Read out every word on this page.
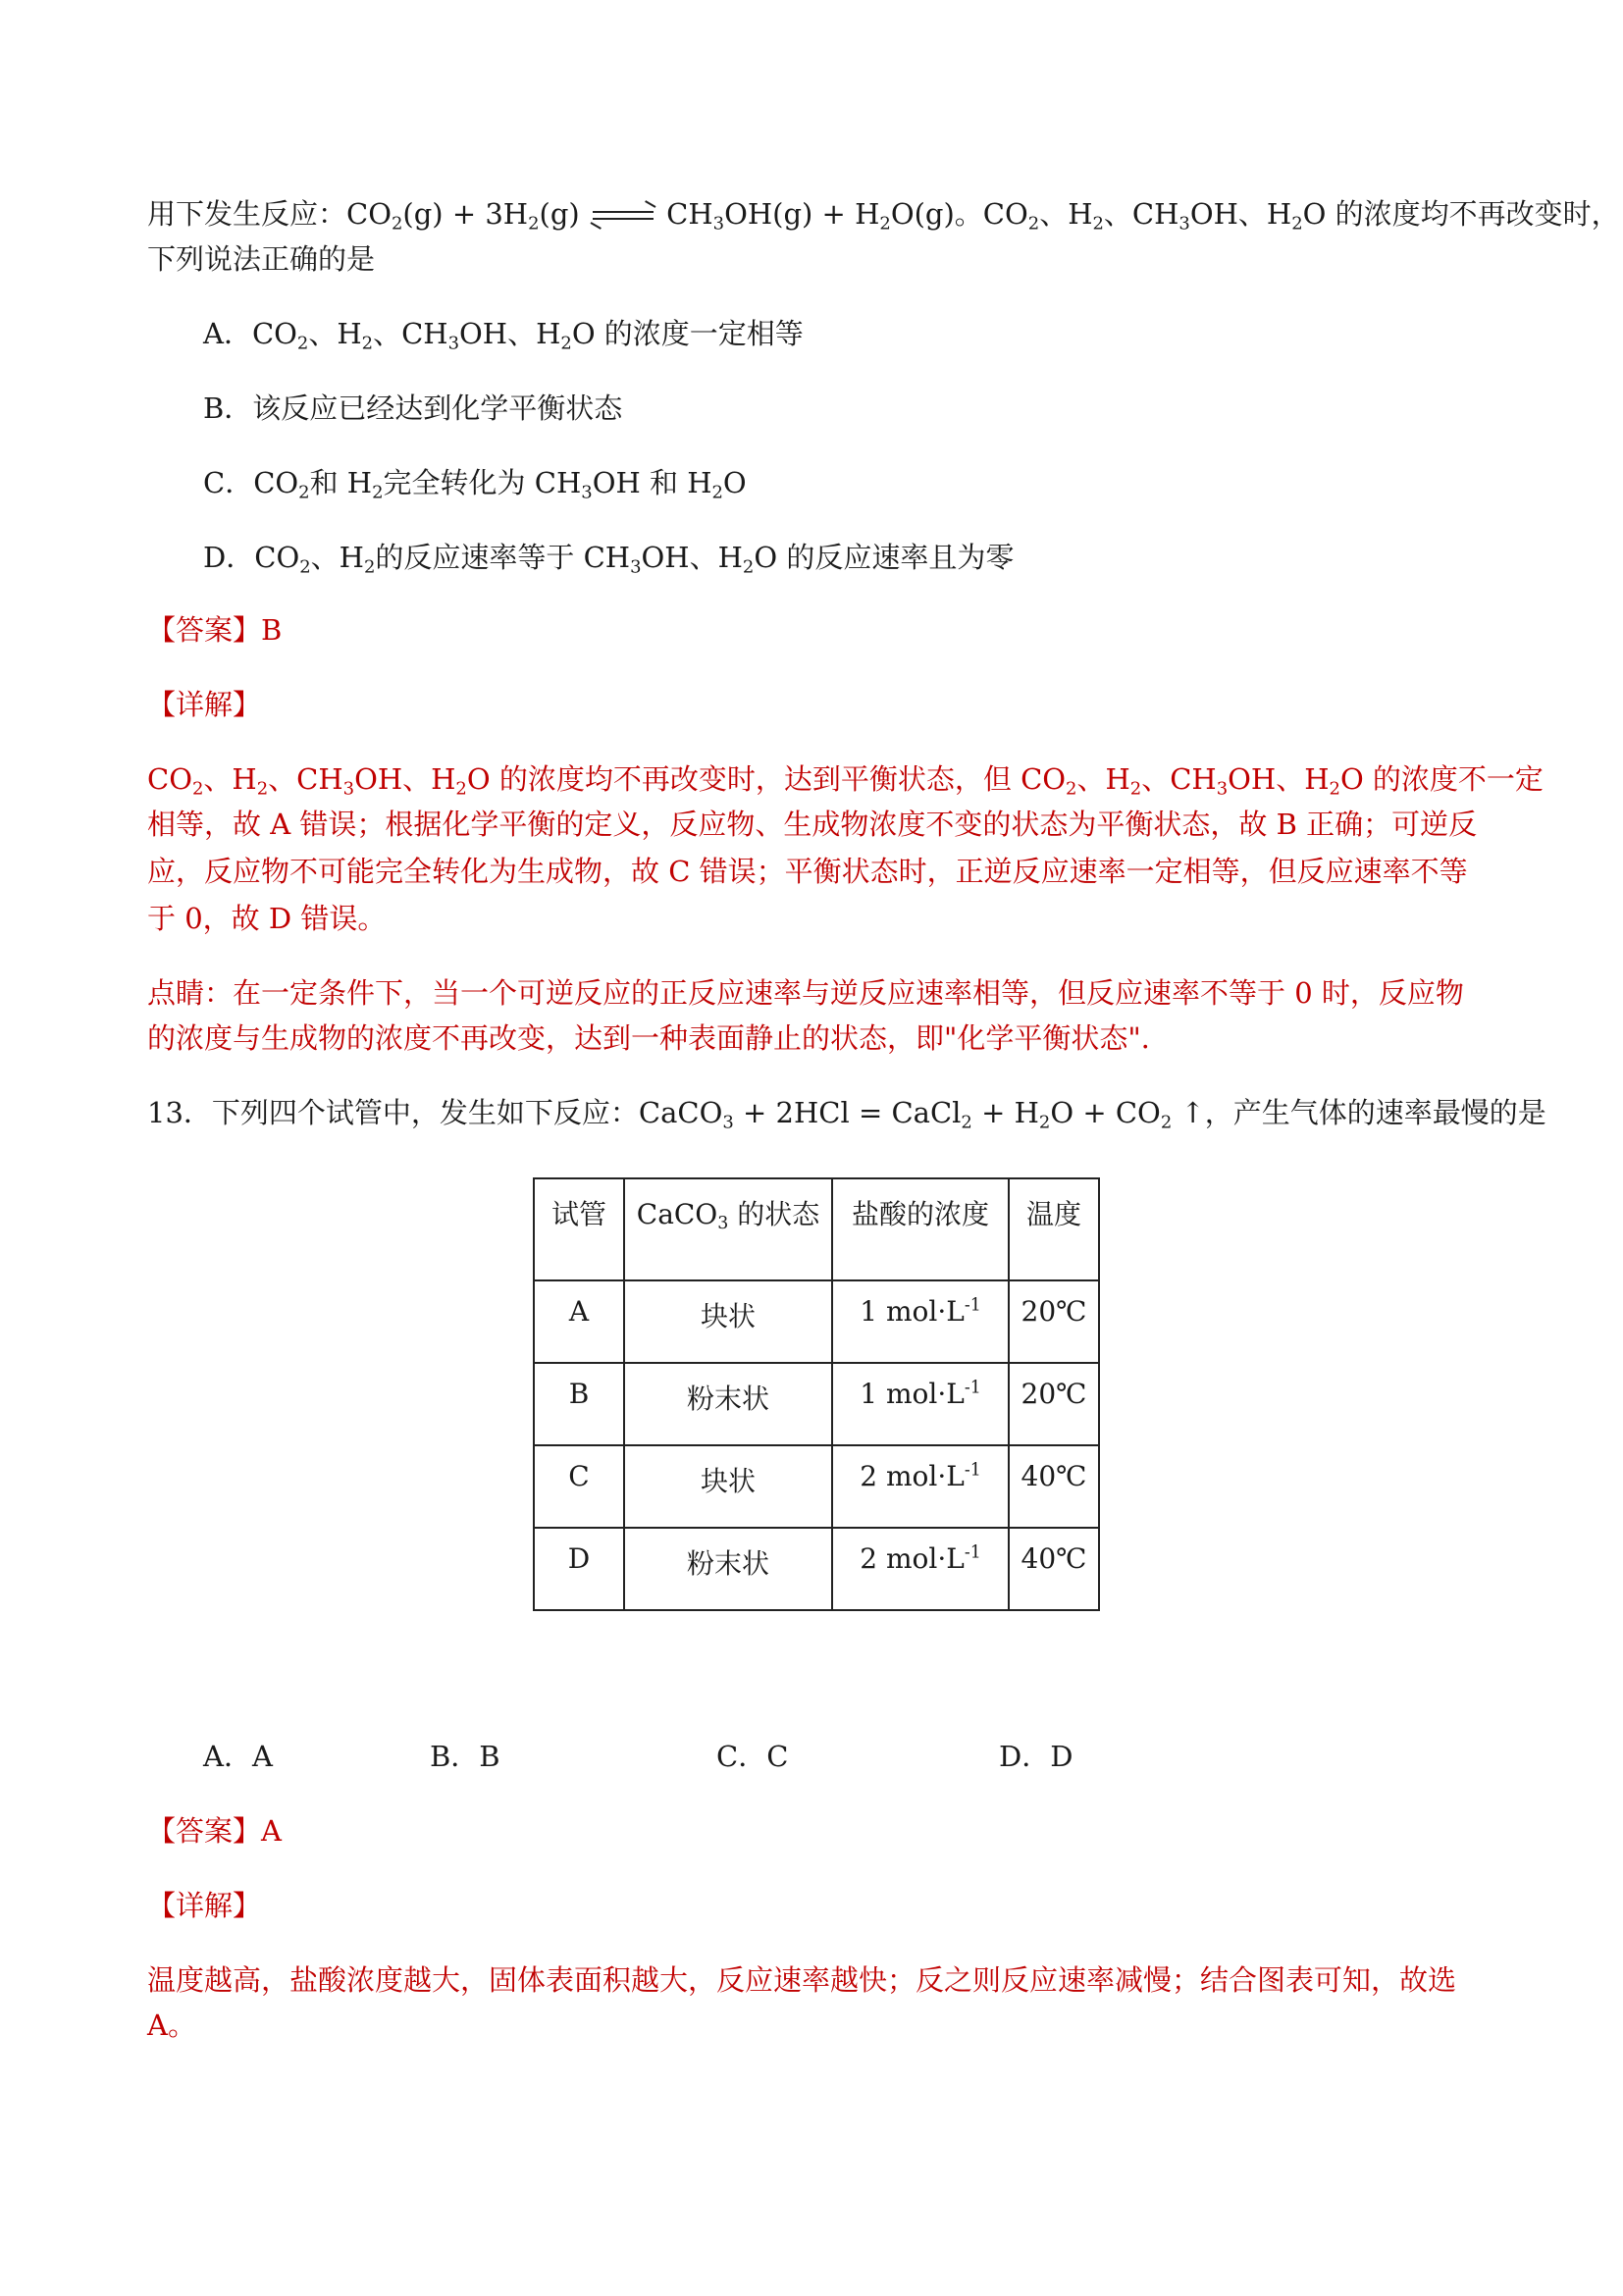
用下发生反应：$CO_2(g) + 3H_2(g)$	$CH_3OH(g) + H_2O(g)$。$CO_2$、$H_2$、$CH_3OH$、$H_2O$ 的浓度均不再改变时，
下列说法正确的是
A．$CO_2$、$H_2$、$CH_3OH$、$H_2O$ 的浓度一定相等
B．该反应已经达到化学平衡状态
C．$CO_2$和 $H_2$完全转化为 $CH_3OH$ 和 $H_2O$
D．$CO_2$、$H_2$的反应速率等于 $CH_3OH$、$H_2O$ 的反应速率且为零
【答案】B
【详解】
$CO_2$、$H_2$、$CH_3OH$、$H_2O$ 的浓度均不再改变时，达到平衡状态，但 $CO_2$、$H_2$、$CH_3OH$、$H_2O$ 的浓度不一定
相等，故 A 错误；根据化学平衡的定义，反应物、生成物浓度不变的状态为平衡状态，故 B 正确；可逆反
应，反应物不可能完全转化为生成物，故 C 错误；平衡状态时，正逆反应速率一定相等，但反应速率不等
于 0，故 D 错误。
点睛：在一定条件下，当一个可逆反应的正反应速率与逆反应速率相等，但反应速率不等于 0 时，反应物
的浓度与生成物的浓度不再改变，达到一种表面静止的状态，即"化学平衡状态".
13．下列四个试管中，发生如下反应：CaCO$_3$ + 2HCl = CaCl$_2$ + $H_2O + CO_2$ ↑，产生气体的速率最慢的是
试管	CaCO$_3$ 的状态	盐酸的浓度	温度
A	块状	1 $mol\cdot L^{-1}$	20℃
B	粉末状	1 $mol\cdot L^{-1}$	20℃
C	块状	2 $mol\cdot L^{-1}$	40℃
D	粉末状	2 $mol\cdot L^{-1}$	40℃
A．A	B．B	C．C	D．D
【答案】A
【详解】
温度越高，盐酸浓度越大，固体表面积越大，反应速率越快；反之则反应速率减慢；结合图表可知，故选
A。
